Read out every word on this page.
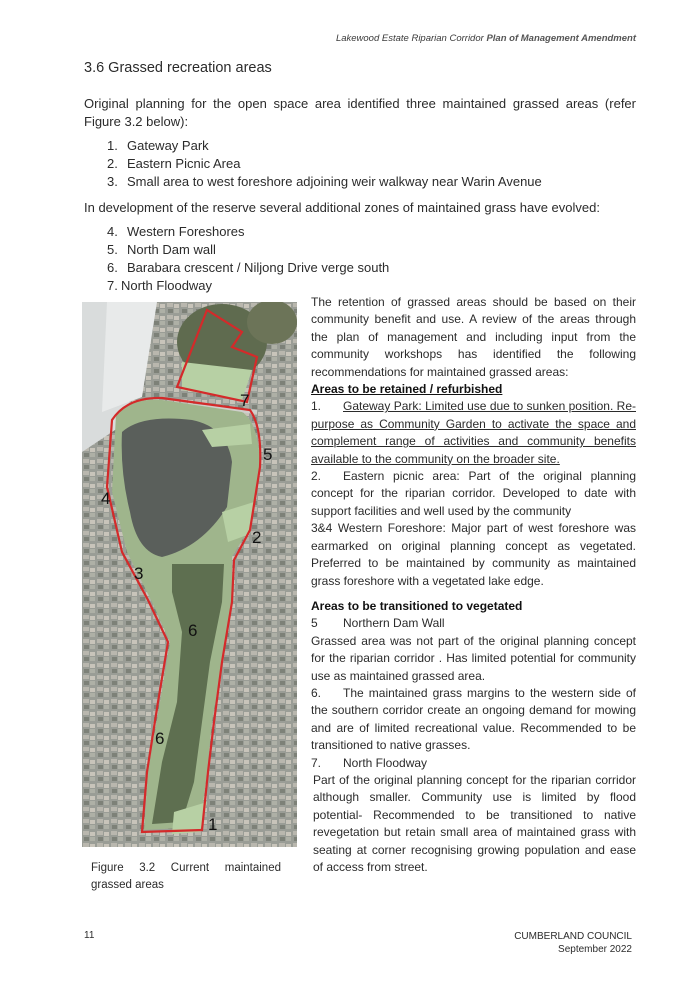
Lakewood Estate Riparian Corridor Plan of Management Amendment
3.6 Grassed recreation areas
Original planning for the open space area identified three maintained grassed areas (refer Figure 3.2 below):
1. Gateway Park
2. Eastern Picnic Area
3. Small area to west foreshore adjoining weir walkway near Warin Avenue
In development of the reserve several additional zones of maintained grass have evolved:
4. Western Foreshores
5. North Dam wall
6. Barabara crescent / Niljong Drive verge south
7. North Floodway
1
2
3
4
5
6
6
7
Figure 3.2 Current maintained grassed areas

The retention of grassed areas should be based on their community benefit and use. A review of the areas through the plan of management and including input from the community workshops has identified the following recommendations for maintained grassed areas:

Areas to be retained / refurbished

1. Gateway Park: Limited use due to sunken position. Re-purpose as Community Garden to activate the space and complement range of activities and community benefits available to the community on the broader site.

2. Eastern picnic area: Part of the original planning concept for the riparian corridor. Developed to date with support facilities and well used by the community

3&4 Western Foreshore: Major part of west foreshore was earmarked on original planning concept as vegetated. Preferred to be maintained by community as maintained grass foreshore with a vegetated lake edge.

Areas to be transitioned to vegetated

5 Northern Dam Wall

Grassed area was not part of the original planning concept for the riparian corridor . Has limited potential for community use as maintained grassed area.

6. The maintained grass margins to the western side of the southern corridor create an ongoing demand for mowing and are of limited recreational value. Recommended to be transitioned to native grasses.

7. North Floodway

Part of the original planning concept for the riparian corridor although smaller. Community use is limited by flood potential- Recommended to be transitioned to native revegetation but retain small area of maintained grass with seating at corner recognising growing population and ease of access from street.

11	CUMBERLAND COUNCIL
September 2022
